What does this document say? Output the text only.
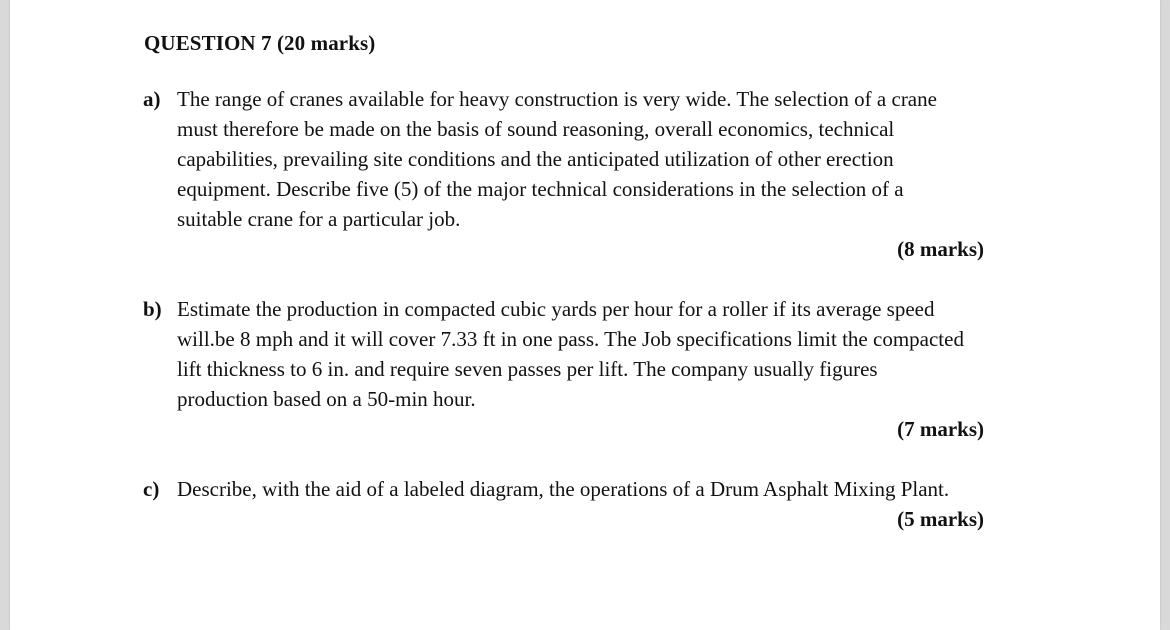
QUESTION 7 (20 marks)
a) The range of cranes available for heavy construction is very wide. The selection of a crane
must therefore be made on the basis of sound reasoning, overall economics, technical
capabilities, prevailing site conditions and the anticipated utilization of other erection
equipment. Describe five (5) of the major technical considerations in the selection of a
suitable crane for a particular job.
(8 marks)
b) Estimate the production in compacted cubic yards per hour for a roller if its average speed
will.be 8 mph and it will cover 7.33 ft in one pass. The Job specifications limit the compacted
lift thickness to 6 in. and require seven passes per lift. The company usually figures
production based on a 50-min hour.
(7 marks)
c) Describe, with the aid of a labeled diagram, the operations of a Drum Asphalt Mixing Plant.
(5 marks)
